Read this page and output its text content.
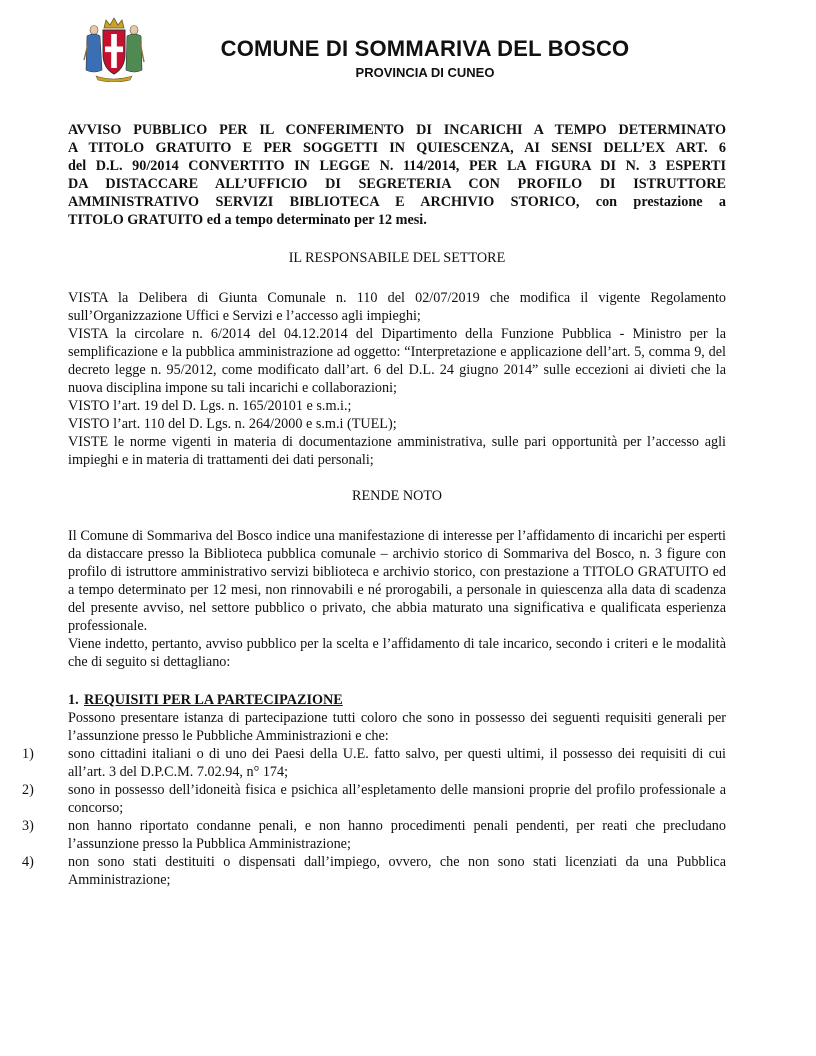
COMUNE DI SOMMARIVA DEL BOSCO
PROVINCIA DI CUNEO

AVVISO PUBBLICO PER IL CONFERIMENTO DI INCARICHI A TEMPO DETERMINATO
A TITOLO GRATUITO E PER SOGGETTI IN QUIESCENZA, AI SENSI DELL’EX ART. 6
del D.L. 90/2014 CONVERTITO IN LEGGE N. 114/2014, PER LA FIGURA DI N. 3 ESPERTI
DA DISTACCARE ALL’UFFICIO DI SEGRETERIA CON PROFILO DI ISTRUTTORE
AMMINISTRATIVO SERVIZI BIBLIOTECA E ARCHIVIO STORICO, con prestazione a
TITOLO GRATUITO ed a tempo determinato per 12 mesi.

IL RESPONSABILE DEL SETTORE

VISTA la Delibera di Giunta Comunale n. 110 del 02/07/2019 che modifica il vigente Regolamento sull’Organizzazione Uffici e Servizi e l’accesso agli impieghi;

VISTA la circolare n. 6/2014 del 04.12.2014 del Dipartimento della Funzione Pubblica - Ministro per la semplificazione e la pubblica amministrazione ad oggetto: “Interpretazione e applicazione dell’art. 5, comma 9, del decreto legge n. 95/2012, come modificato dall’art. 6 del D.L. 24 giugno 2014” sulle eccezioni ai divieti che la nuova disciplina impone su tali incarichi e collaborazioni;

VISTO l’art. 19 del D. Lgs. n. 165/20101 e s.m.i.;

VISTO l’art. 110 del D. Lgs. n. 264/2000 e s.m.i (TUEL);

VISTE le norme vigenti in materia di documentazione amministrativa, sulle pari opportunità per l’accesso agli impieghi e in materia di trattamenti dei dati personali;

RENDE NOTO

Il Comune di Sommariva del Bosco indice una manifestazione di interesse per l’affidamento di incarichi per esperti da distaccare presso la Biblioteca pubblica comunale – archivio storico di Sommariva del Bosco, n. 3 figure con profilo di istruttore amministrativo servizi biblioteca e archivio storico, con prestazione a TITOLO GRATUITO ed a tempo determinato per 12 mesi, non rinnovabili e né prorogabili, a personale in quiescenza alla data di scadenza del presente avviso, nel settore pubblico o privato, che abbia maturato una significativa e qualificata esperienza professionale.

Viene indetto, pertanto, avviso pubblico per la scelta e l’affidamento di tale incarico, secondo i criteri e le modalità che di seguito si dettagliano:

1. REQUISITI PER LA PARTECIPAZIONE

Possono presentare istanza di partecipazione tutti coloro che sono in possesso dei seguenti requisiti generali per l’assunzione presso le Pubbliche Amministrazioni e che:

1) sono cittadini italiani o di uno dei Paesi della U.E. fatto salvo, per questi ultimi, il possesso dei requisiti di cui all’art. 3 del D.P.C.M. 7.02.94, n° 174;
2) sono in possesso dell’idoneità fisica e psichica all’espletamento delle mansioni proprie del profilo professionale a concorso;
3) non hanno riportato condanne penali, e non hanno procedimenti penali pendenti, per reati che precludano l’assunzione presso la Pubblica Amministrazione;
4) non sono stati destituiti o dispensati dall’impiego, ovvero, che non sono stati licenziati da una Pubblica Amministrazione;
